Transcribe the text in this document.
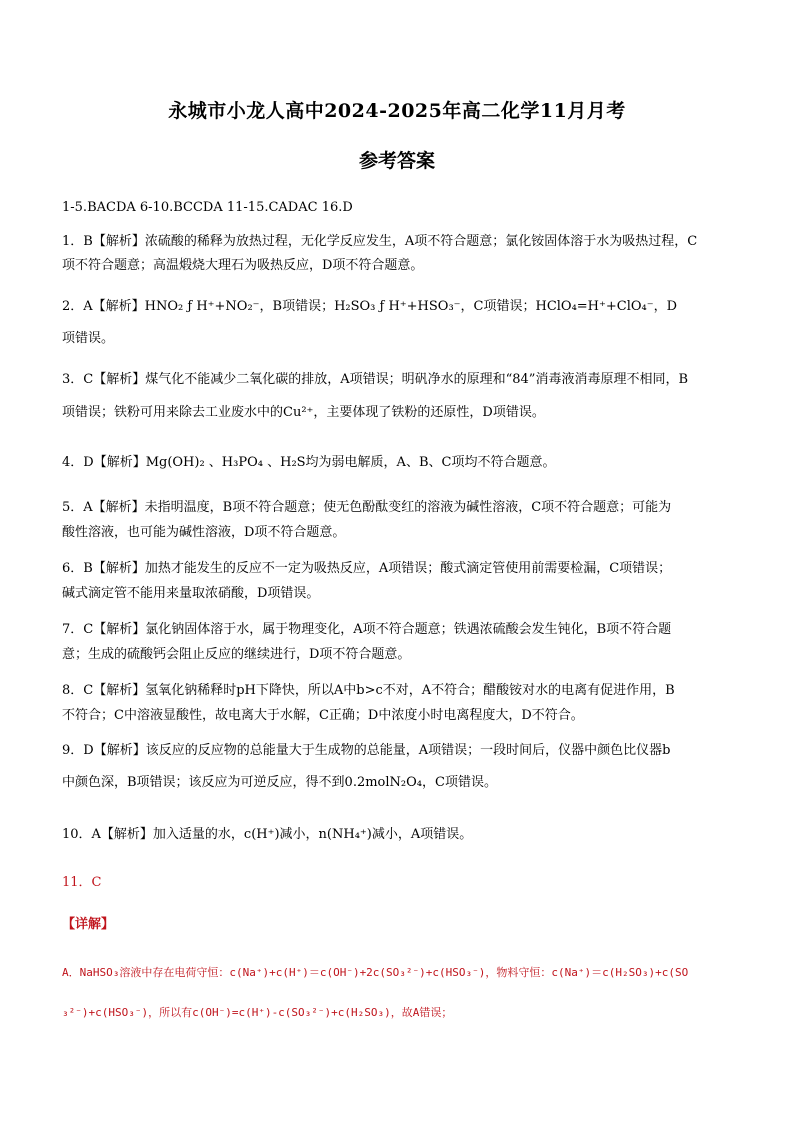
永城市小龙人高中2024-2025年高二化学11月月考
参考答案
1-5.BACDA 6-10.BCCDA 11-15.CADAC 16.D
1．B【解析】浓硫酸的稀释为放热过程，无化学反应发生，A项不符合题意；氯化铵固体溶于水为吸热过程，C
项不符合题意；高温煅烧大理石为吸热反应，D项不符合题意。
2．A【解析】HNO₂ ƒ H⁺+NO₂⁻，B项错误；H₂SO₃ ƒ H⁺+HSO₃⁻，C项错误；HClO₄=H⁺+ClO₄⁻，D
项错误。
3．C【解析】煤气化不能减少二氧化碳的排放，A项错误；明矾净水的原理和“84”消毒液消毒原理不相同，B
项错误；铁粉可用来除去工业废水中的Cu²⁺，主要体现了铁粉的还原性，D项错误。
4．D【解析】Mg(OH)₂ 、H₃PO₄ 、H₂S均为弱电解质，A、B、C项均不符合题意。
5．A【解析】未指明温度，B项不符合题意；使无色酚酞变红的溶液为碱性溶液，C项不符合题意；可能为
酸性溶液，也可能为碱性溶液，D项不符合题意。
6．B【解析】加热才能发生的反应不一定为吸热反应，A项错误；酸式滴定管使用前需要检漏，C项错误；
碱式滴定管不能用来量取浓硝酸，D项错误。
7．C【解析】氯化钠固体溶于水，属于物理变化，A项不符合题意；铁遇浓硫酸会发生钝化，B项不符合题
意；生成的硫酸钙会阻止反应的继续进行，D项不符合题意。
8．C【解析】氢氧化钠稀释时pH下降快，所以A中b>c不对，A不符合；醋酸铵对水的电离有促进作用，B
不符合；C中溶液显酸性，故电离大于水解，C正确；D中浓度小时电离程度大，D不符合。
9．D【解析】该反应的反应物的总能量大于生成物的总能量，A项错误；一段时间后，仪器中颜色比仪器b
中颜色深，B项错误；该反应为可逆反应，得不到0.2molN₂O₄，C项错误。
10．A【解析】加入适量的水，c(H⁺)减小，n(NH₄⁺)减小，A项错误。
11．C
【详解】
A．NaHSO₃溶液中存在电荷守恒：c(Na⁺)+c(H⁺)＝c(OH⁻)+2c(SO₃²⁻)+c(HSO₃⁻)，物料守恒：c(Na⁺)＝c(H₂SO₃)+c(SO
₃²⁻)+c(HSO₃⁻)，所以有c(OH⁻)=c(H⁺)-c(SO₃²⁻)+c(H₂SO₃)，故A错误；
